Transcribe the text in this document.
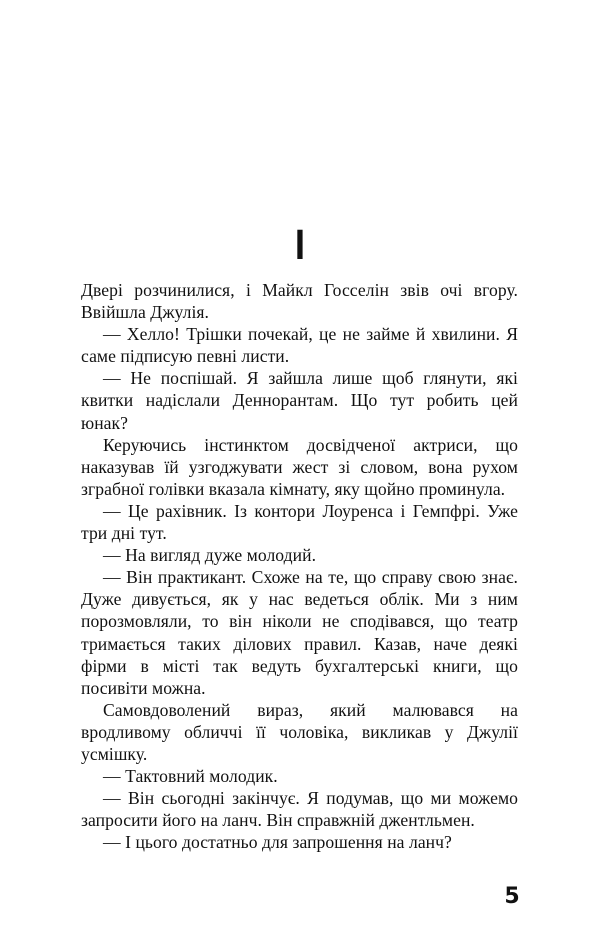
I

Двері розчинилися, і Майкл Госселін звів очі вгору. Ввійшла Джулія.

— Хелло! Трішки почекай, це не займе й хвилини. Я саме підписую певні листи.

— Не поспішай. Я зайшла лише щоб глянути, які квитки надіслали Деннорантам. Що тут робить цей юнак?

Керуючись інстинктом досвідченої актриси, що наказував їй узгоджувати жест зі словом, вона рухом зграбної голівки вказала кімнату, яку щойно проминула.

— Це рахівник. Із контори Лоуренса і Гемпфрі. Уже три дні тут.

— На вигляд дуже молодий.

— Він практикант. Схоже на те, що справу свою знає. Дуже дивується, як у нас ведеться облік. Ми з ним порозмовляли, то він ніколи не сподівався, що театр тримається таких ділових правил. Казав, наче деякі фірми в місті так ведуть бухгалтерські книги, що посивіти можна.

Самовдоволений вираз, який малювався на вродливому обличчі її чоловіка, викликав у Джулії усмішку.

— Тактовний молодик.

— Він сьогодні закінчує. Я подумав, що ми можемо запросити його на ланч. Він справжній джентльмен.

— І цього достатньо для запрошення на ланч?

5
